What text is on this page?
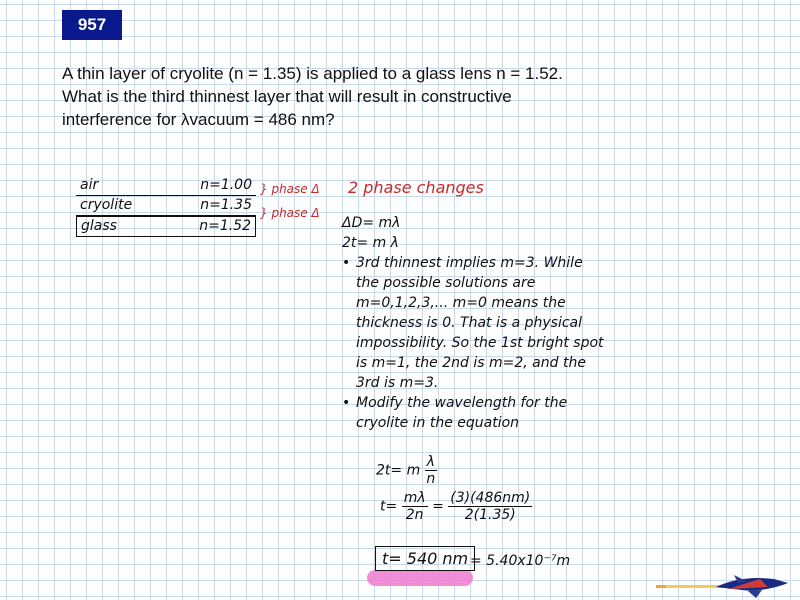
957

A thin layer of cryolite (n = 1.35) is applied to a glass lens n = 1.52.

What is the third thinnest layer that will result in constructive

interference for λvacuum = 486 nm?

air	n=1.00
cryolite	n=1.35
glass	n=1.52
} phase Δ
} phase Δ
2 phase changes
ΔD= mλ
2t= m λ
• 3rd thinnest implies m=3. While
the possible solutions are
m=0,1,2,3,... m=0 means the
thickness is 0. That is a physical
impossibility. So the 1st bright spot
is m=1, the 2nd is m=2, and the
3rd is m=3.
• Modify the wavelength for the
cryolite in the equation
2t= m $\frac{\lambda}{n}$
$t= \frac{m\lambda}{2n} = \frac{(3)(486nm)}{2(1.35)}$
t= 540 nm = 5.40x10⁻⁷m
